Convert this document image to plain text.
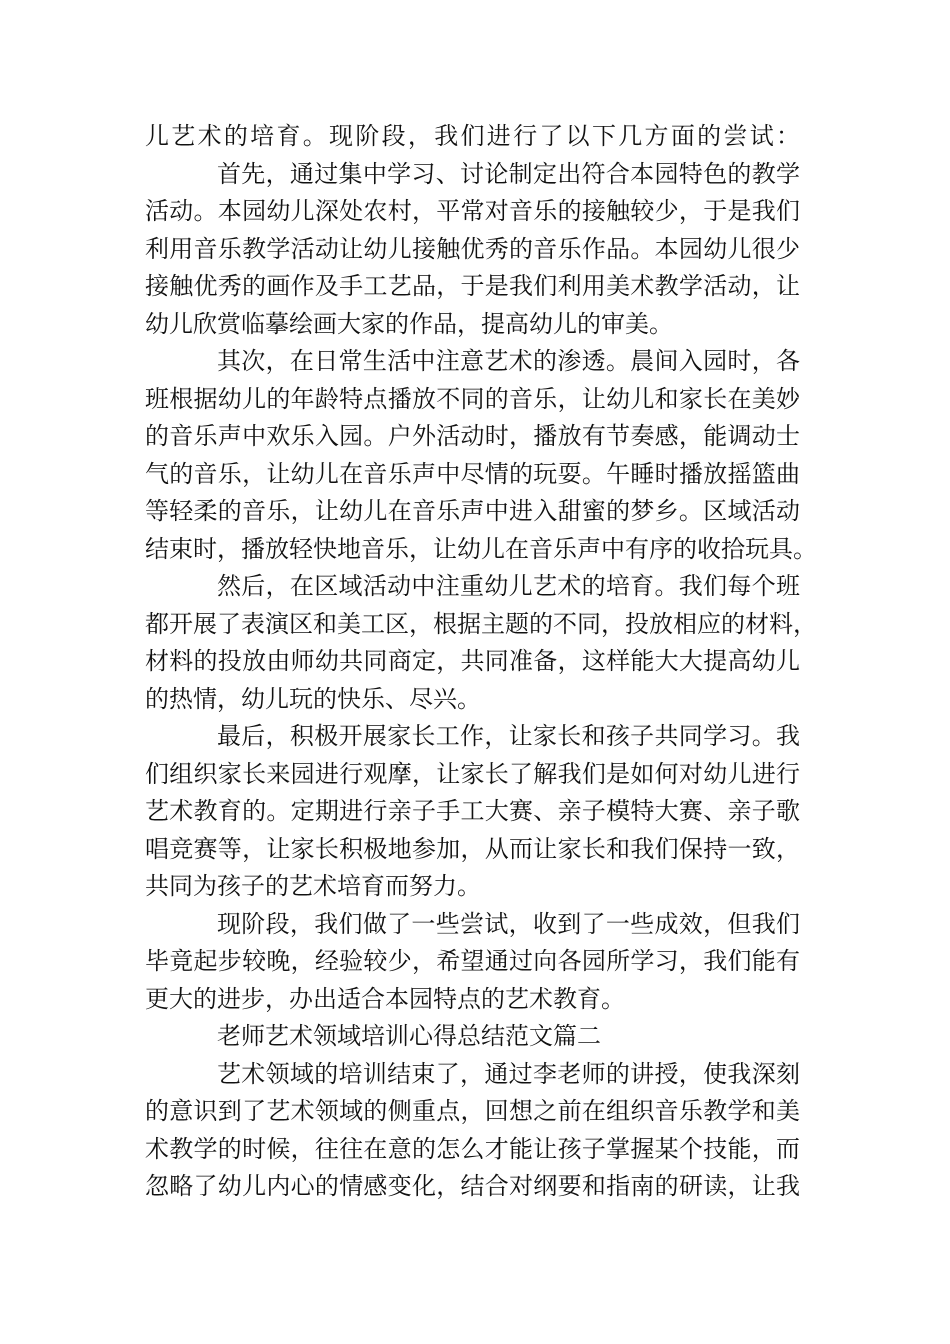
儿艺术的培育。现阶段，我们进行了以下几方面的尝试：
首先，通过集中学习、讨论制定出符合本园特色的教学
活动。本园幼儿深处农村，平常对音乐的接触较少，于是我们
利用音乐教学活动让幼儿接触优秀的音乐作品。本园幼儿很少
接触优秀的画作及手工艺品，于是我们利用美术教学活动，让
幼儿欣赏临摹绘画大家的作品，提高幼儿的审美。
其次，在日常生活中注意艺术的渗透。晨间入园时，各
班根据幼儿的年龄特点播放不同的音乐，让幼儿和家长在美妙
的音乐声中欢乐入园。户外活动时，播放有节奏感，能调动士
气的音乐，让幼儿在音乐声中尽情的玩耍。午睡时播放摇篮曲
等轻柔的音乐，让幼儿在音乐声中进入甜蜜的梦乡。区域活动
结束时，播放轻快地音乐，让幼儿在音乐声中有序的收拾玩具。
然后，在区域活动中注重幼儿艺术的培育。我们每个班
都开展了表演区和美工区，根据主题的不同，投放相应的材料，
材料的投放由师幼共同商定，共同准备，这样能大大提高幼儿
的热情，幼儿玩的快乐、尽兴。
最后，积极开展家长工作，让家长和孩子共同学习。我
们组织家长来园进行观摩，让家长了解我们是如何对幼儿进行
艺术教育的。定期进行亲子手工大赛、亲子模特大赛、亲子歌
唱竞赛等，让家长积极地参加，从而让家长和我们保持一致，
共同为孩子的艺术培育而努力。
现阶段，我们做了一些尝试，收到了一些成效，但我们
毕竟起步较晚，经验较少，希望通过向各园所学习，我们能有
更大的进步，办出适合本园特点的艺术教育。
老师艺术领域培训心得总结范文篇二
艺术领域的培训结束了，通过李老师的讲授，使我深刻
的意识到了艺术领域的侧重点，回想之前在组织音乐教学和美
术教学的时候，往往在意的怎么才能让孩子掌握某个技能，而
忽略了幼儿内心的情感变化，结合对纲要和指南的研读，让我
